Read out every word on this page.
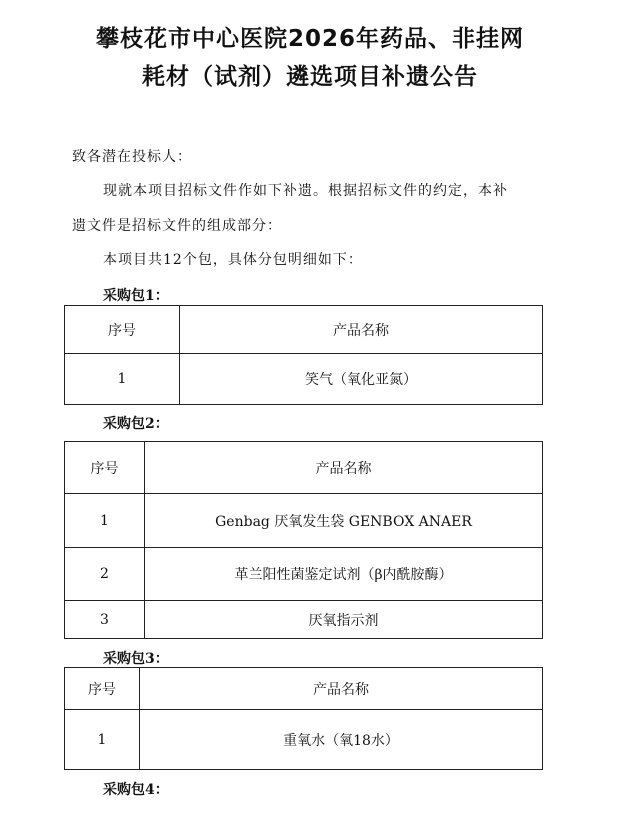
攀枝花市中心医院2026年药品、非挂网
耗材（试剂）遴选项目补遗公告
致各潜在投标人：
现就本项目招标文件作如下补遗。根据招标文件的约定，本补
遗文件是招标文件的组成部分：
本项目共12个包，具体分包明细如下：
采购包1：
序号	产品名称
1	笑气（氧化亚氮）
采购包2：
序号	产品名称
1	Genbag 厌氧发生袋 GENBOX ANAER
2	革兰阳性菌鉴定试剂（β内酰胺酶）
3	厌氧指示剂
采购包3：
序号	产品名称
1	重氧水（氧18水）
采购包4：
